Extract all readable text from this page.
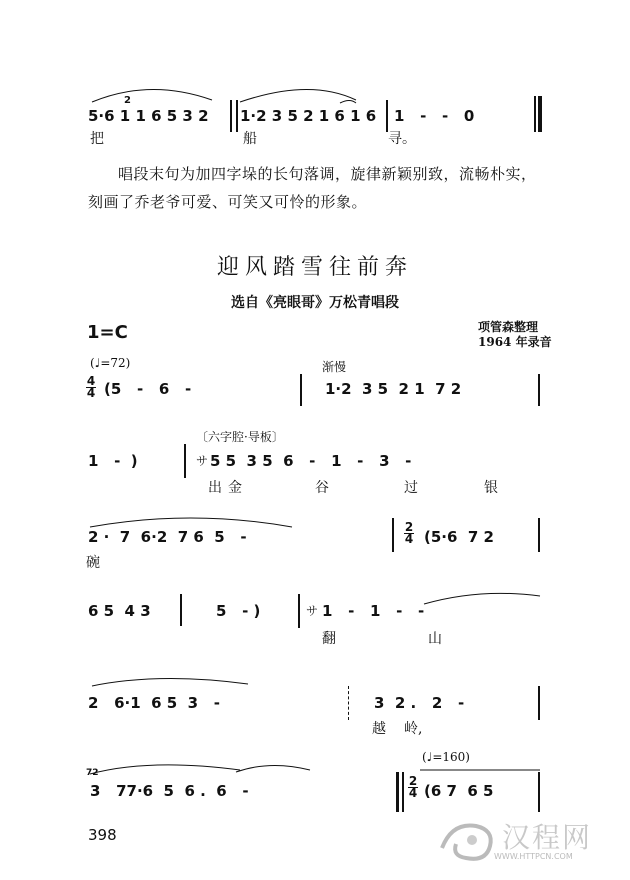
2
5·6 1 1 6 5 3 2 1·2 3 5 2 1 6 1 6 1   -   -   0
把	船	寻。
唱段末句为加四字垛的长句落调，旋律新颖别致，流畅朴实，刻画了乔老爷可爱、可笑又可怜的形象。
迎风踏雪往前奔
选自《亮眼哥》万松青唱段
1=C	项管森整理
1964 年录音
(♩=72)	渐慢
4
4 (5   -   6   -	1·2  3 5  2 1  7 2
〔六字腔·导板〕
1   -  )	サ 5 5  3 5  6   -   1   -   3   -
出 金	谷	过	银
2 ·  7  6·2  7 6  5   -
2
4 (5·6  7 2
碗
6 5  4 3	5   - )	サ 1   -   1   -   -
翻	山
2   6·1  6 5  3   -	3  2 .   2   -
越 岭,
(♩=160)
72
3   77·6  5  6 .  6   -
2
4 (6 7  6 5
398	汉程网
WWW.HTTPCN.COM
